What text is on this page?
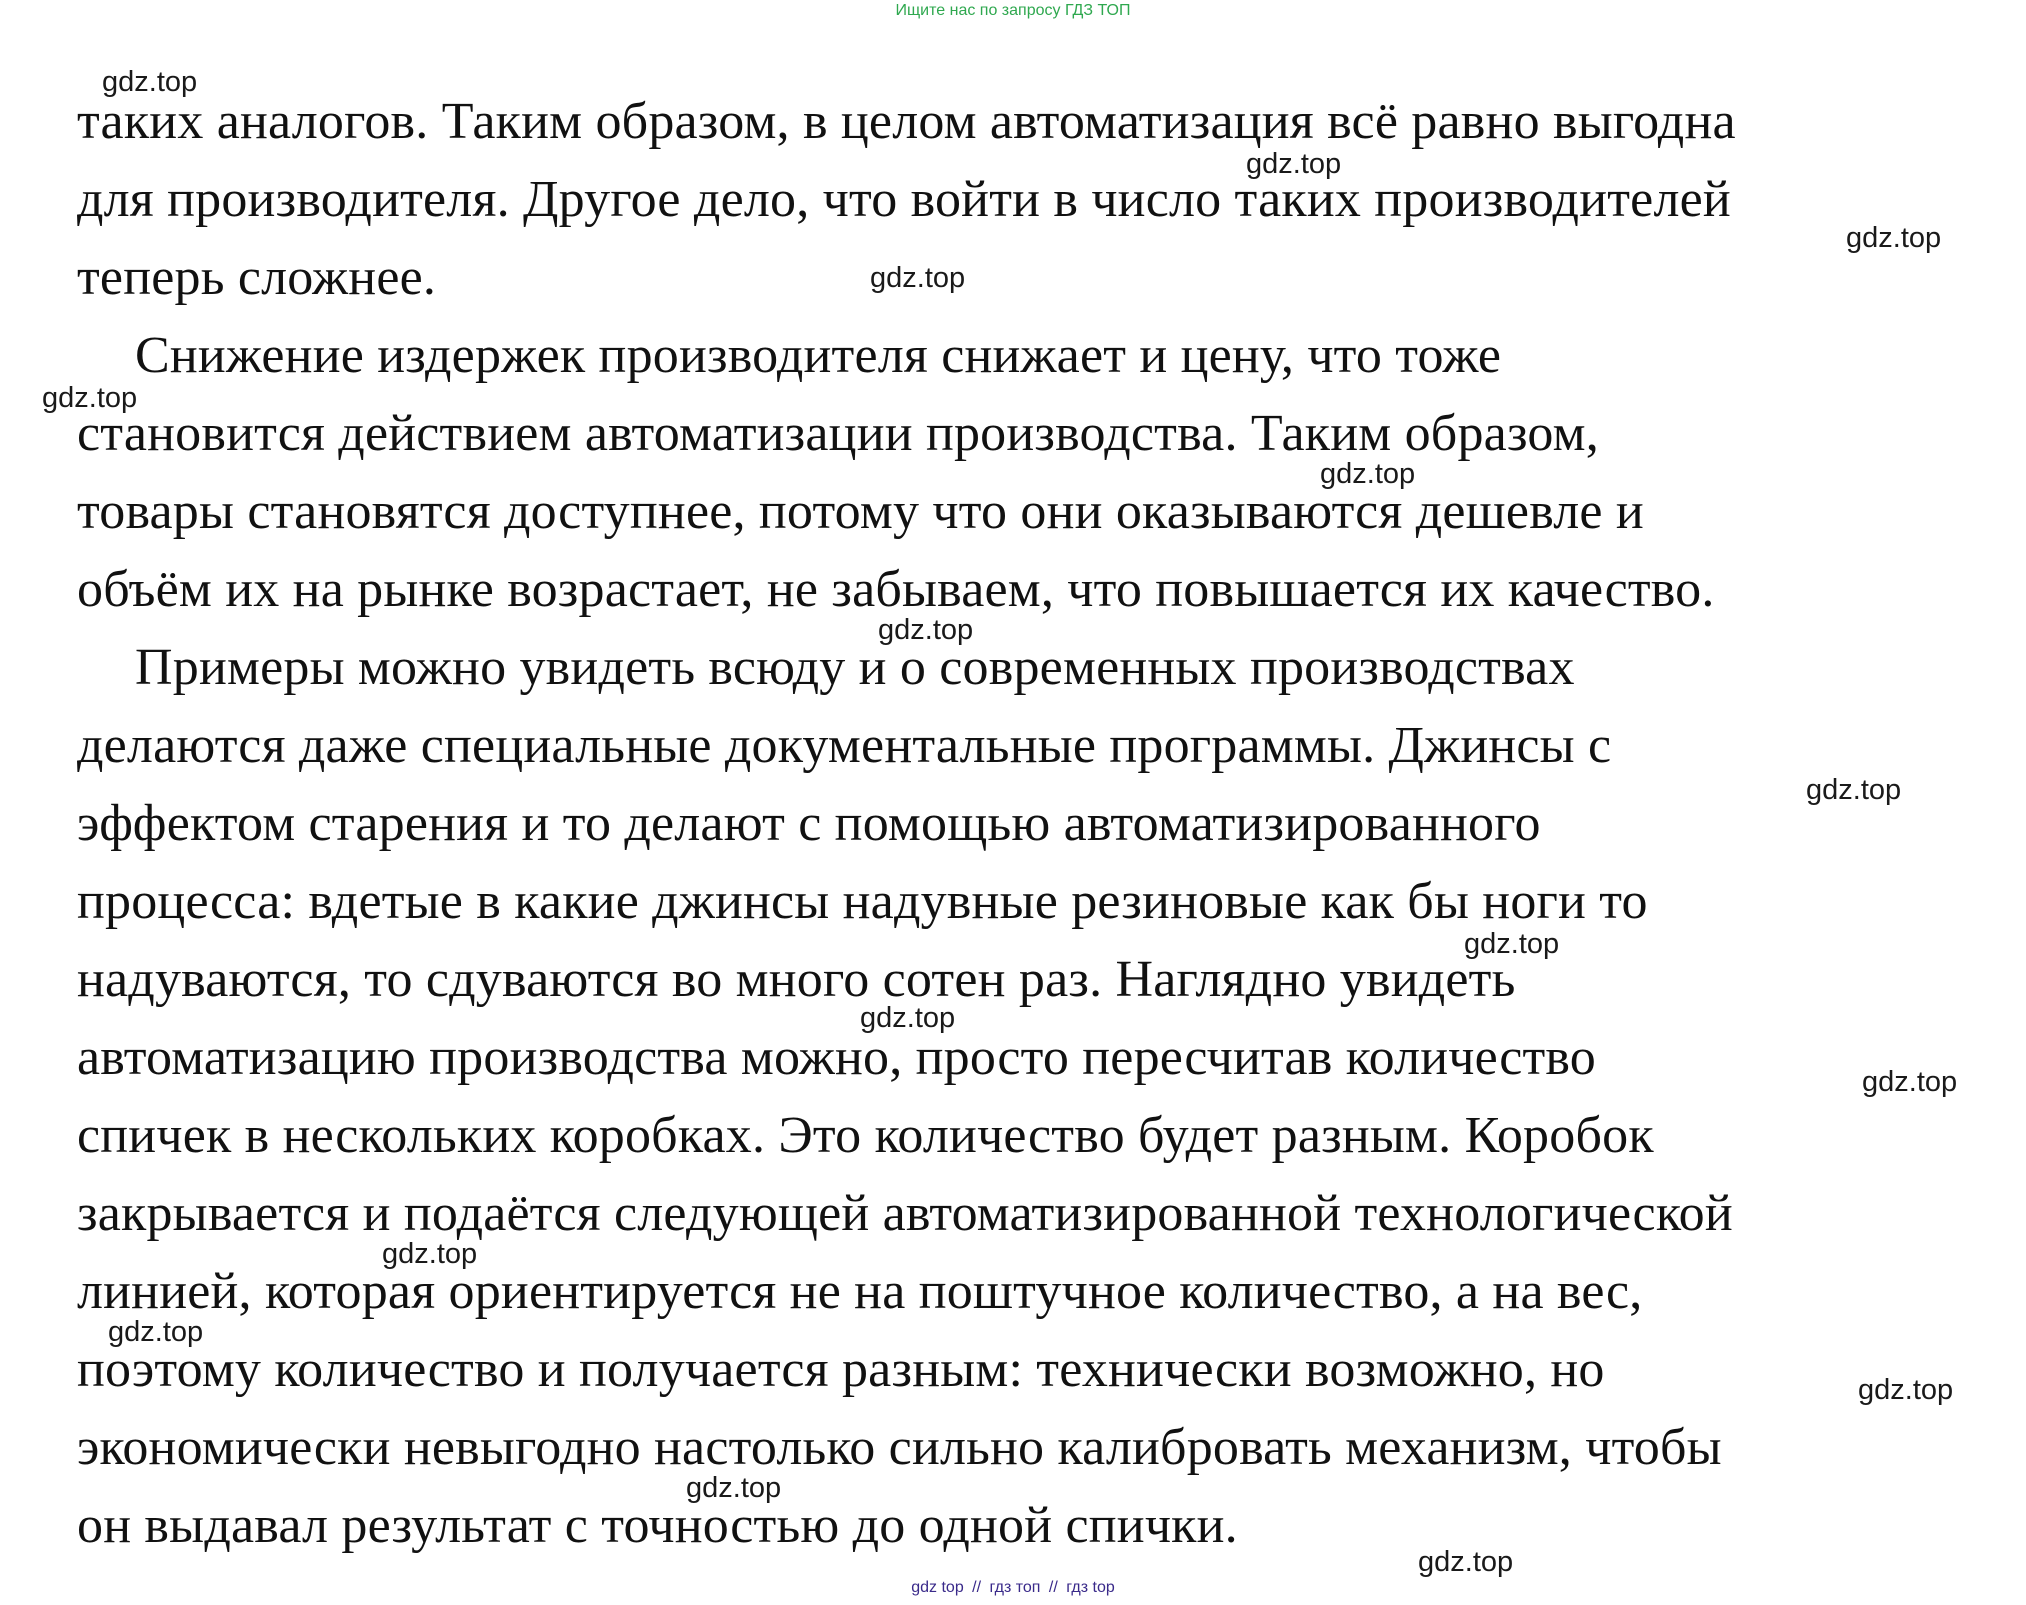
Ищите нас по запросу ГДЗ ТОП
таких аналогов. Таким образом, в целом автоматизация всё равно выгодна
для производителя. Другое дело, что войти в число таких производителей
теперь сложнее.
Снижение издержек производителя снижает и цену, что тоже
становится действием автоматизации производства. Таким образом,
товары становятся доступнее, потому что они оказываются дешевле и
объём их на рынке возрастает, не забываем, что повышается их качество.
Примеры можно увидеть всюду и о современных производствах
делаются даже специальные документальные программы. Джинсы с
эффектом старения и то делают с помощью автоматизированного
процесса: вдетые в какие джинсы надувные резиновые как бы ноги то
надуваются, то сдуваются во много сотен раз. Наглядно увидеть
автоматизацию производства можно, просто пересчитав количество
спичек в нескольких коробках. Это количество будет разным. Коробок
закрывается и подаётся следующей автоматизированной технологической
линией, которая ориентируется не на поштучное количество, а на вес,
поэтому количество и получается разным: технически возможно, но
экономически невыгодно настолько сильно калибровать механизм, чтобы
он выдавал результат с точностью до одной спички.
gdz.top
gdz.top
gdz.top
gdz.top
gdz.top
gdz.top
gdz.top
gdz.top
gdz.top
gdz.top
gdz.top
gdz.top
gdz.top
gdz.top
gdz.top
gdz.top
gdz top // гдз топ // гдз top
